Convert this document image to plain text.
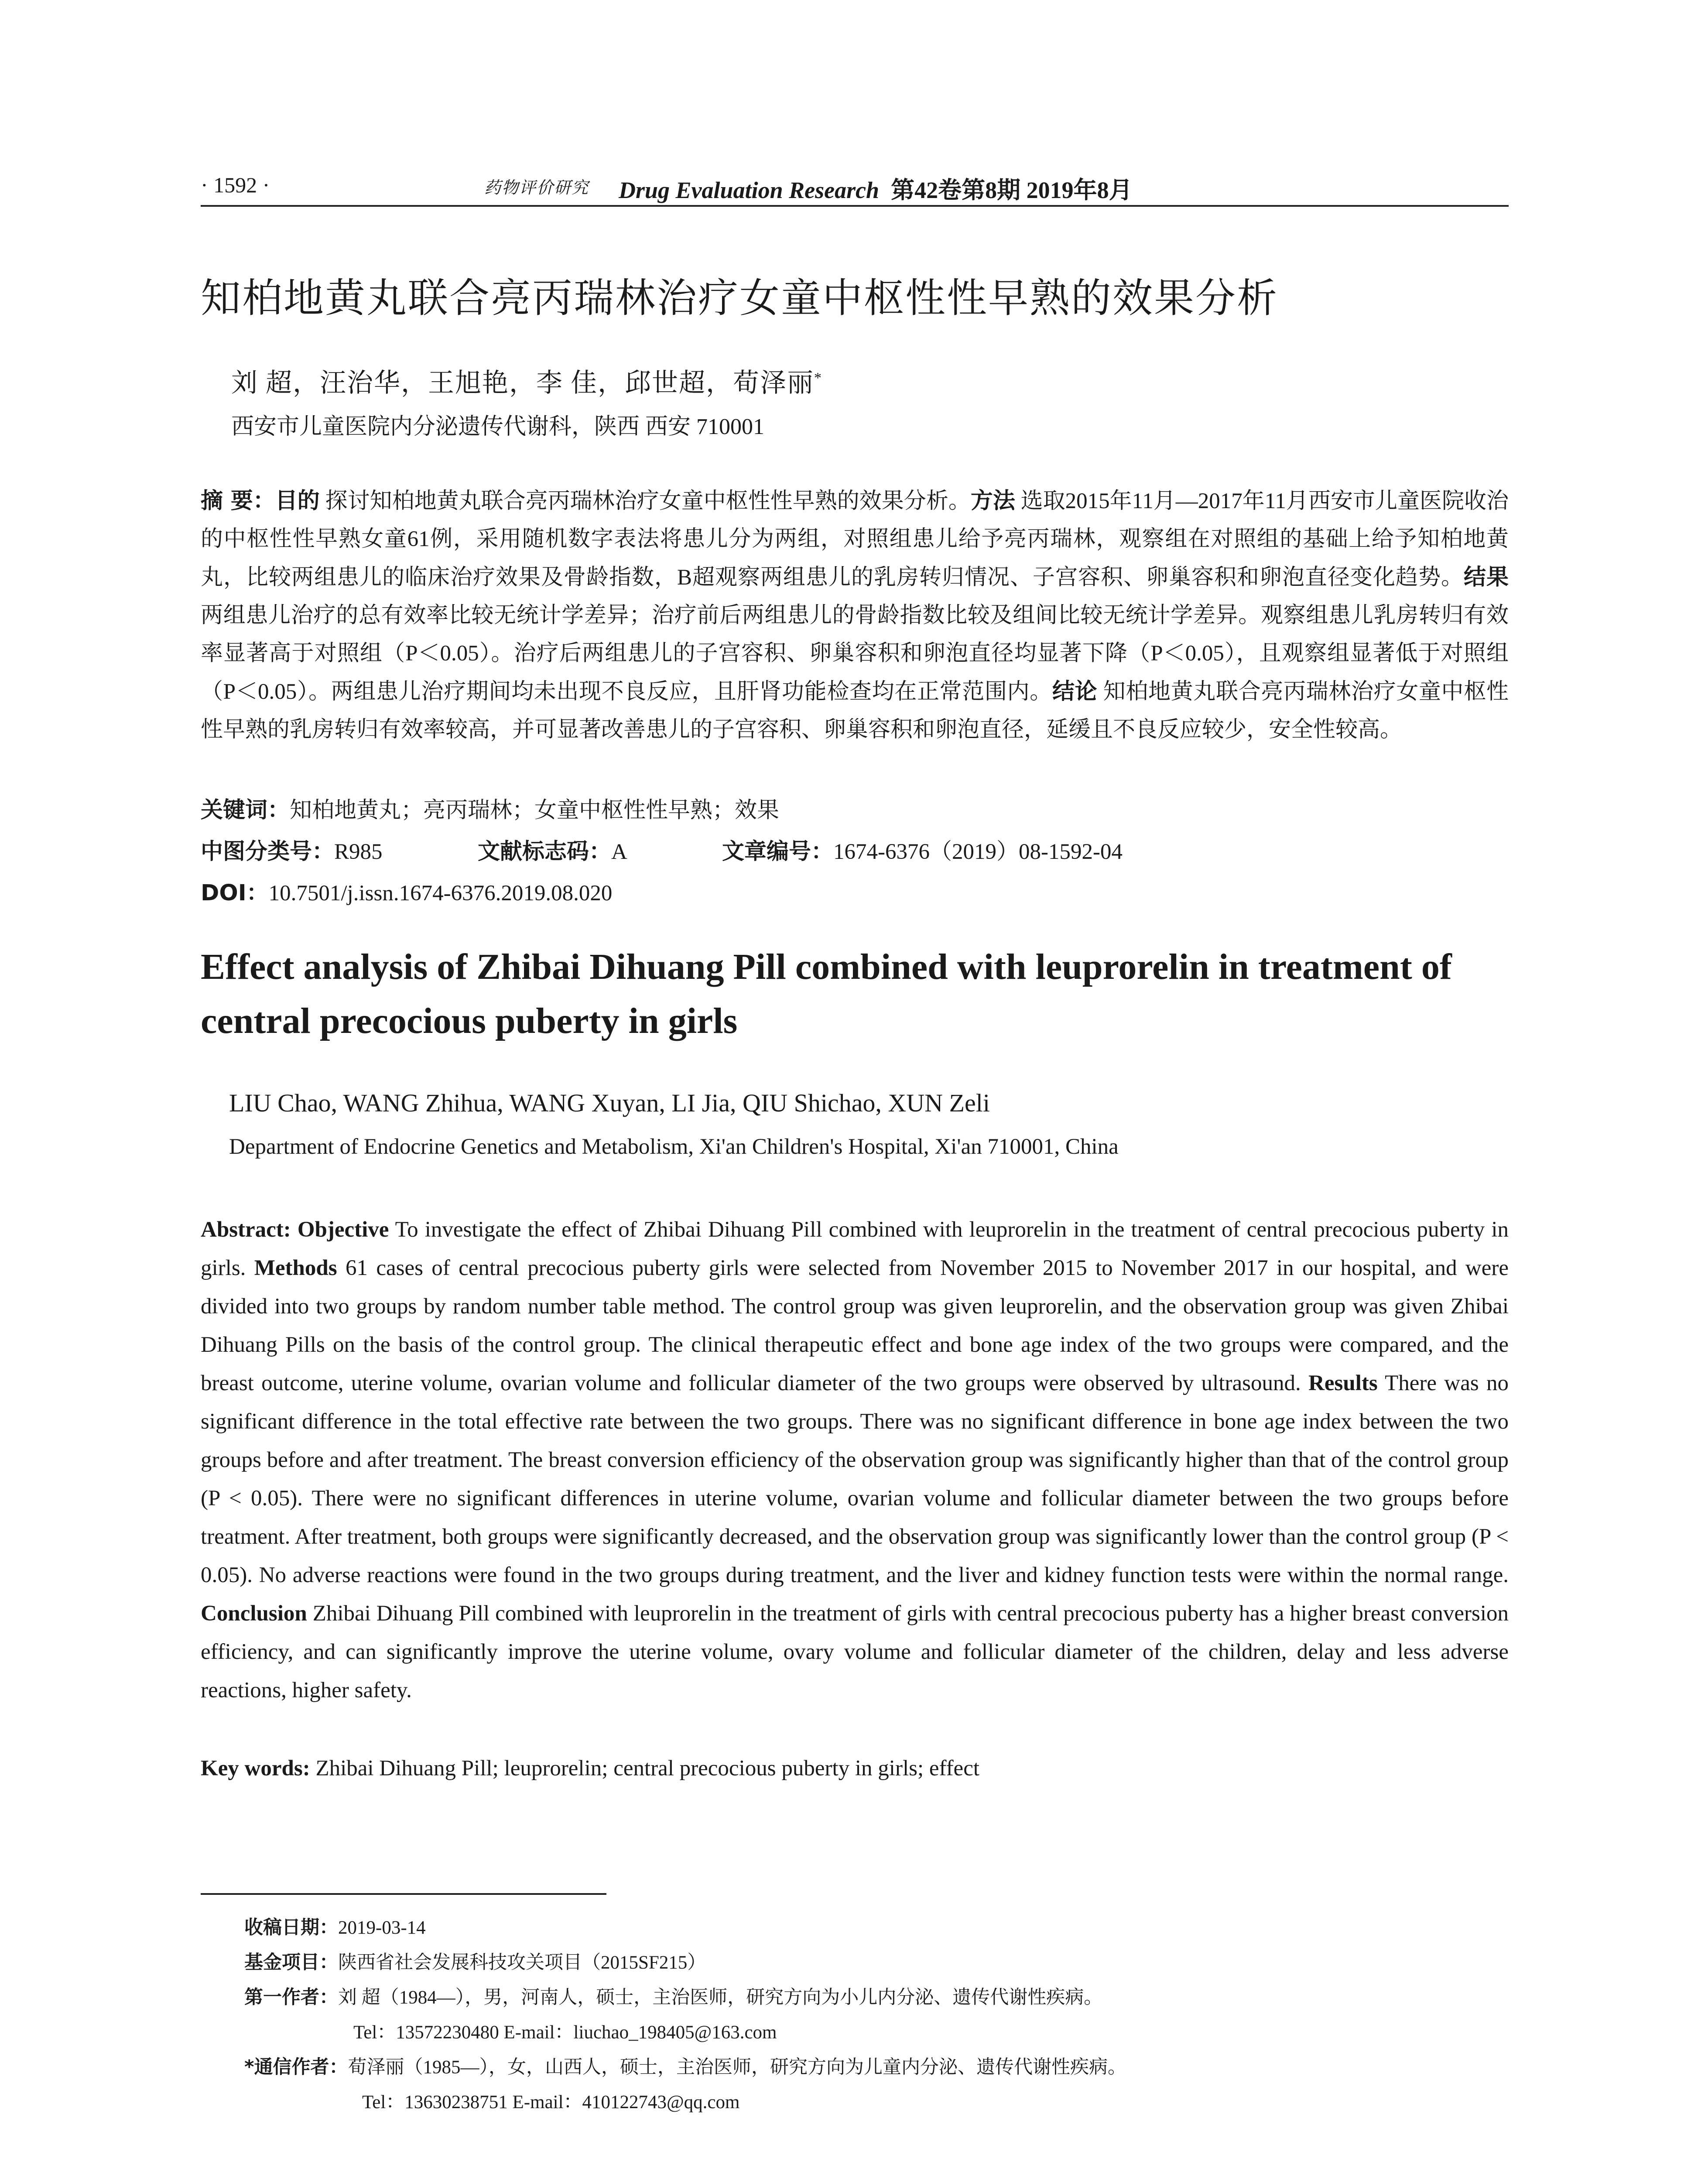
· 1592 ·	药物评价研究 Drug Evaluation Research 第42卷第8期 2019年8月
知柏地黄丸联合亮丙瑞林治疗女童中枢性性早熟的效果分析
刘 超，汪治华，王旭艳，李 佳，邱世超，荀泽丽*
西安市儿童医院内分泌遗传代谢科，陕西 西安 710001
摘 要：目的 探讨知柏地黄丸联合亮丙瑞林治疗女童中枢性性早熟的效果分析。方法 选取2015年11月—2017年11月西安市儿童医院收治的中枢性性早熟女童61例，采用随机数字表法将患儿分为两组，对照组患儿给予亮丙瑞林，观察组在对照组的基础上给予知柏地黄丸，比较两组患儿的临床治疗效果及骨龄指数，B超观察两组患儿的乳房转归情况、子宫容积、卵巢容积和卵泡直径变化趋势。结果 两组患儿治疗的总有效率比较无统计学差异；治疗前后两组患儿的骨龄指数比较及组间比较无统计学差异。观察组患儿乳房转归有效率显著高于对照组（P＜0.05）。治疗后两组患儿的子宫容积、卵巢容积和卵泡直径均显著下降（P＜0.05），且观察组显著低于对照组（P＜0.05）。两组患儿治疗期间均未出现不良反应，且肝肾功能检查均在正常范围内。结论 知柏地黄丸联合亮丙瑞林治疗女童中枢性性早熟的乳房转归有效率较高，并可显著改善患儿的子宫容积、卵巢容积和卵泡直径，延缓且不良反应较少，安全性较高。
关键词：知柏地黄丸；亮丙瑞林；女童中枢性性早熟；效果
中图分类号：R985	文献标志码：A	文章编号：1674-6376（2019）08-1592-04
DOI：10.7501/j.issn.1674-6376.2019.08.020
Effect analysis of Zhibai Dihuang Pill combined with leuprorelin in treatment of central precocious puberty in girls
LIU Chao, WANG Zhihua, WANG Xuyan, LI Jia, QIU Shichao, XUN Zeli
Department of Endocrine Genetics and Metabolism, Xi'an Children's Hospital, Xi'an 710001, China
Abstract: Objective To investigate the effect of Zhibai Dihuang Pill combined with leuprorelin in the treatment of central precocious puberty in girls. Methods 61 cases of central precocious puberty girls were selected from November 2015 to November 2017 in our hospital, and were divided into two groups by random number table method. The control group was given leuprorelin, and the observation group was given Zhibai Dihuang Pills on the basis of the control group. The clinical therapeutic effect and bone age index of the two groups were compared, and the breast outcome, uterine volume, ovarian volume and follicular diameter of the two groups were observed by ultrasound. Results There was no significant difference in the total effective rate between the two groups. There was no significant difference in bone age index between the two groups before and after treatment. The breast conversion efficiency of the observation group was significantly higher than that of the control group (P < 0.05). There were no significant differences in uterine volume, ovarian volume and follicular diameter between the two groups before treatment. After treatment, both groups were significantly decreased, and the observation group was significantly lower than the control group (P < 0.05). No adverse reactions were found in the two groups during treatment, and the liver and kidney function tests were within the normal range. Conclusion Zhibai Dihuang Pill combined with leuprorelin in the treatment of girls with central precocious puberty has a higher breast conversion efficiency, and can significantly improve the uterine volume, ovary volume and follicular diameter of the children, delay and less adverse reactions, higher safety.
Key words: Zhibai Dihuang Pill; leuprorelin; central precocious puberty in girls; effect
收稿日期：2019-03-14
基金项目：陕西省社会发展科技攻关项目（2015SF215）
第一作者：刘 超（1984—），男，河南人，硕士，主治医师，研究方向为小儿内分泌、遗传代谢性疾病。
Tel：13572230480 E-mail：liuchao_198405@163.com
*通信作者：荀泽丽（1985—），女，山西人，硕士，主治医师，研究方向为儿童内分泌、遗传代谢性疾病。
Tel：13630238751 E-mail：410122743@qq.com
